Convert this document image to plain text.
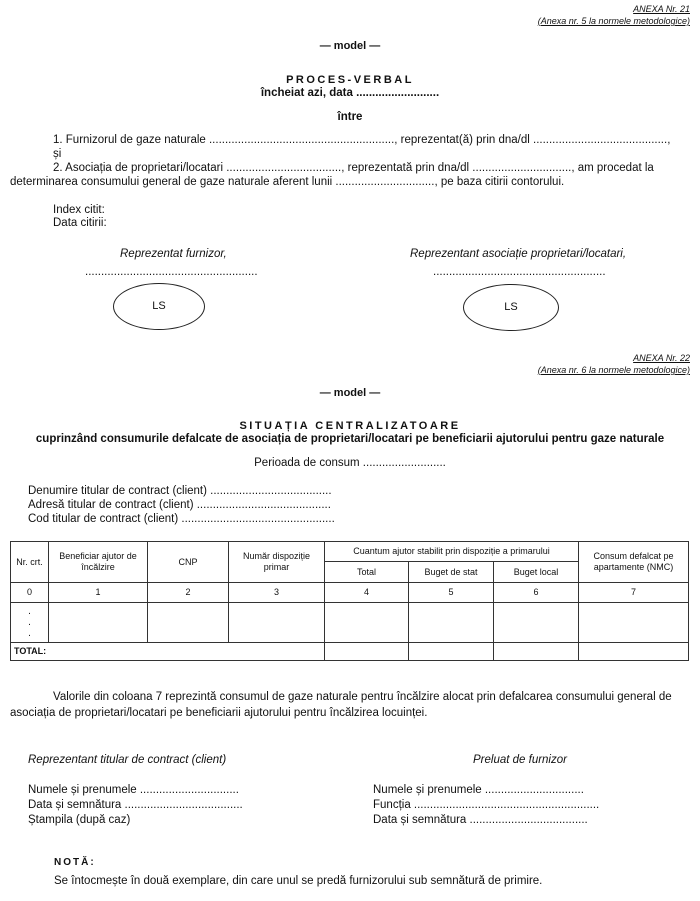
ANEXA Nr. 21
(Anexa nr. 5 la normele metodologice)
— model —
PROCES-VERBAL
încheiat azi, data ..........................
între
1. Furnizorul de gaze naturale .........................................................., reprezentat(ă) prin dna/dl ..........................................,
și
2. Asociația de proprietari/locatari ...................................., reprezentată prin dna/dl ..............................., am procedat la
determinarea consumului general de gaze naturale aferent lunii ..............................., pe baza citirii contorului.
Index citit:
Data citirii:
Reprezentat furnizor,	Reprezentant asociație proprietari/locatari,
......................................................	......................................................
LS	LS
ANEXA Nr. 22
(Anexa nr. 6 la normele metodologice)
— model —
SITUAȚIA CENTRALIZATOARE
cuprinzând consumurile defalcate de asociația de proprietari/locatari pe beneficiarii ajutorului pentru gaze naturale
Perioada de consum ..........................
Denumire titular de contract (client) ......................................
Adresă titular de contract (client) ..........................................
Cod titular de contract (client) ................................................
Nr. crt.	Beneficiar ajutor de încălzire	CNP	Număr dispoziție primar	Cuantum ajutor stabilit prin dispoziție a primarului			Consum defalcat pe apartamente (NMC)
				Total	Buget de stat	Buget local	
0	1	2	3	4	5	6	7
.
.
.							
TOTAL:							
Valorile din coloana 7 reprezintă consumul de gaze naturale pentru încălzire alocat prin defalcarea consumului general de asociația de proprietari/locatari pe beneficiarii ajutorului pentru încălzirea locuinței.
Reprezentant titular de contract (client)	Preluat de furnizor
Numele și prenumele ...............................
Data și semnătura .....................................
Ștampila (după caz)
Numele și prenumele ...............................
Funcția ..........................................................
Data și semnătura .....................................
NOTĂ:
Se întocmește în două exemplare, din care unul se predă furnizorului sub semnătură de primire.
